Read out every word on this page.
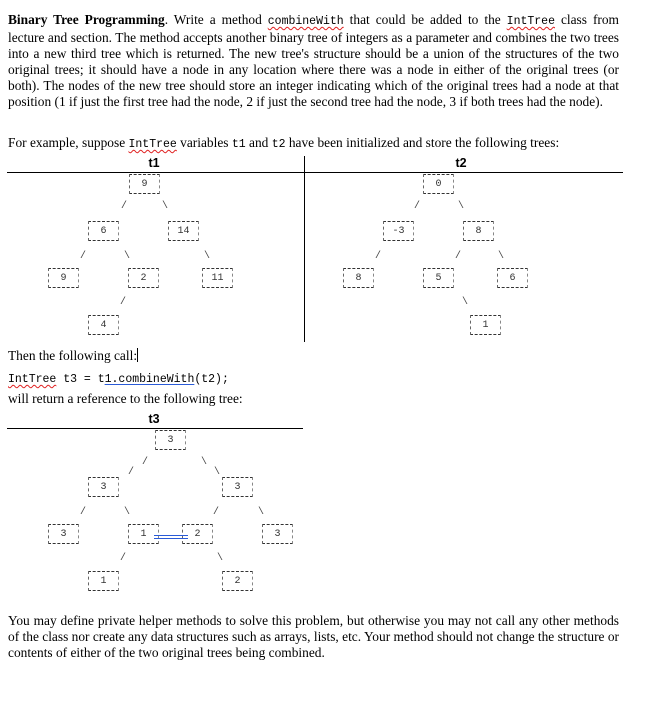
Binary Tree Programming. Write a method combineWith that could be added to the IntTree class from lecture and section. The method accepts another binary tree of integers as a parameter and combines the two trees into a new third tree which is returned. The new tree's structure should be a union of the structures of the two original trees; it should have a node in any location where there was a node in either of the original trees (or both). The nodes of the new tree should store an integer indicating which of the original trees had a node at that position (1 if just the first tree had the node, 2 if just the second tree had the node, 3 if both trees had the node).
For example, suppose IntTree variables t1 and t2 have been initialized and store the following trees:
t1	t2
9
6	14
9	2	11
4
/	\
/	\	\
/
0
-3	8
8	5	6
1
/	\
/	/	\
\
Then the following call:
IntTree t3 = t1.combineWith(t2);
will return a reference to the following tree:
t3
3
3	3
3	1	2	3
1	2
/
/
\
\
/	\	/	\
/	\
You may define private helper methods to solve this problem, but otherwise you may not call any other methods of the class nor create any data structures such as arrays, lists, etc. Your method should not change the structure or contents of either of the two original trees being combined.
